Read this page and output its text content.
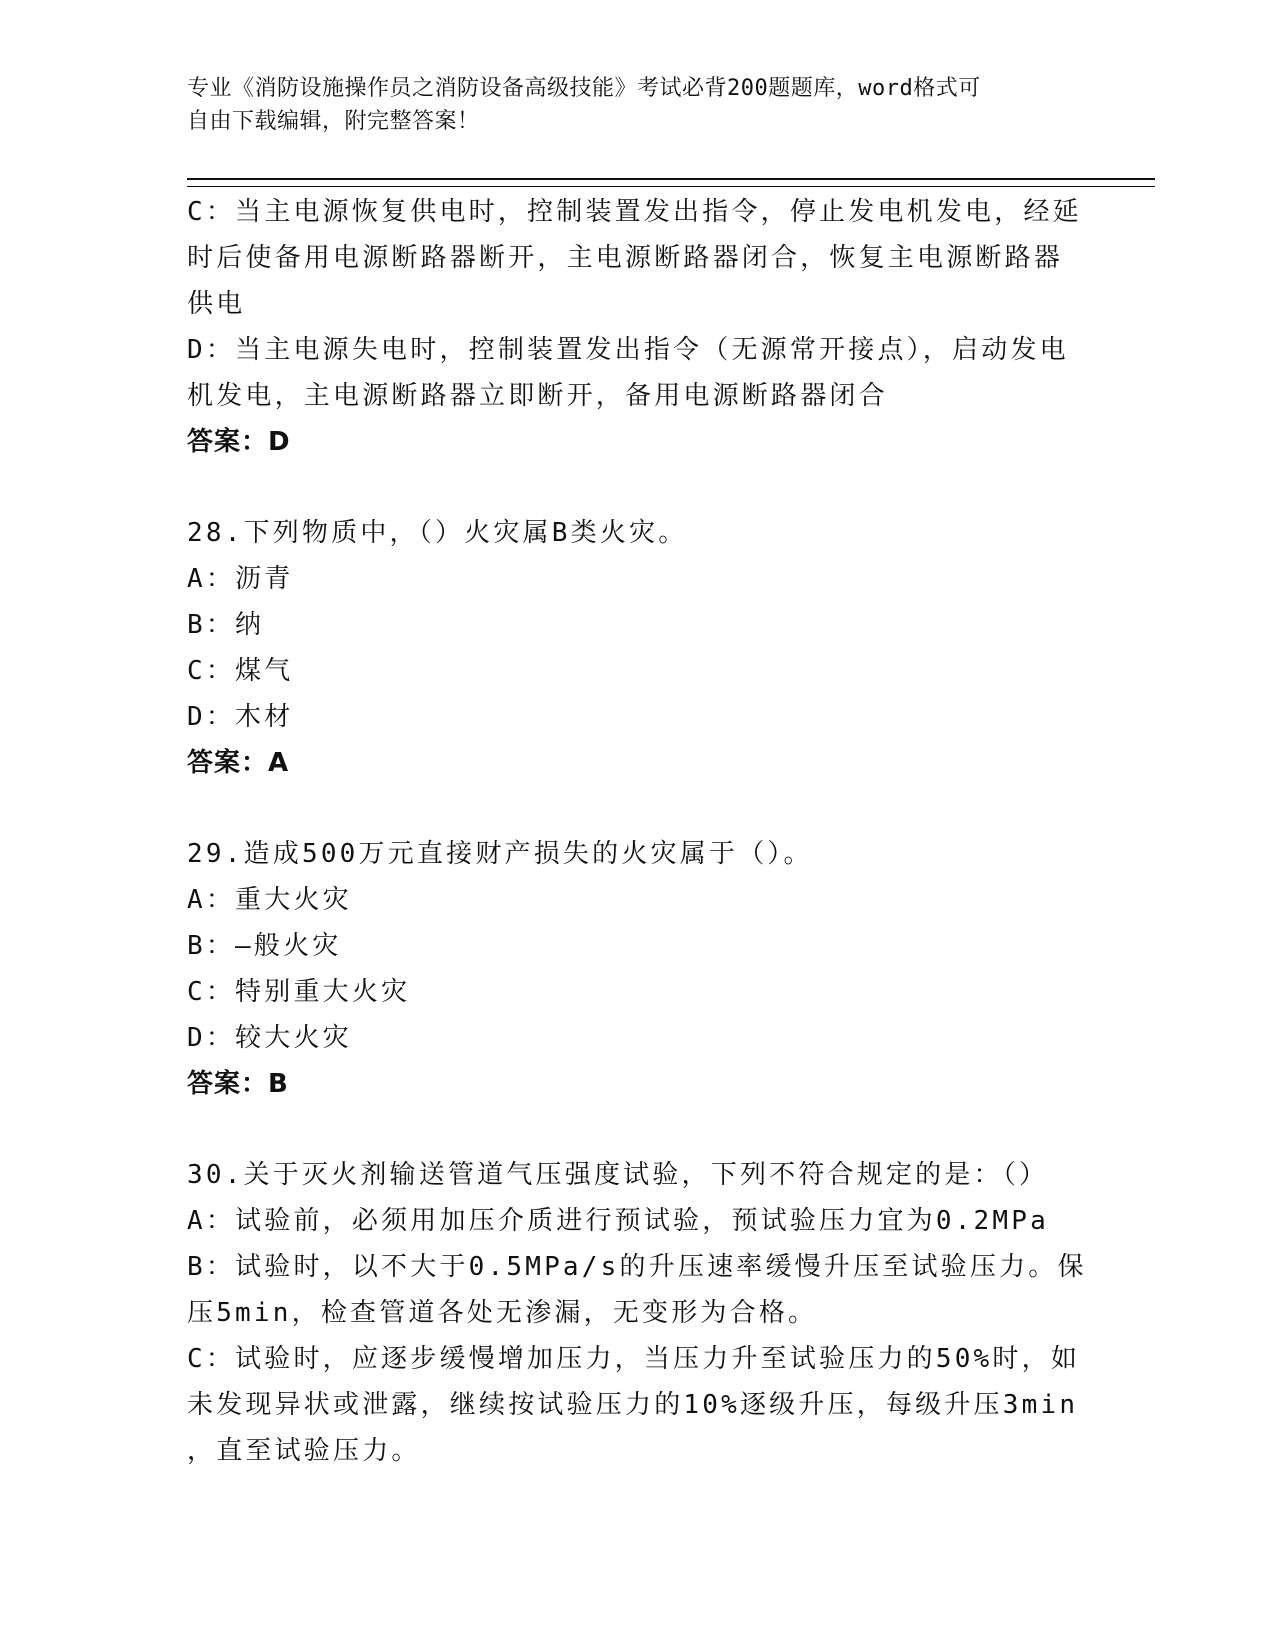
专业《消防设施操作员之消防设备高级技能》考试必背200题题库，word格式可
自由下载编辑，附完整答案！
C：当主电源恢复供电时，控制装置发出指令，停止发电机发电，经延
时后使备用电源断路器断开，主电源断路器闭合，恢复主电源断路器
供电
D：当主电源失电时，控制装置发出指令（无源常开接点），启动发电
机发电，主电源断路器立即断开，备用电源断路器闭合
答案：D
28.下列物质中，（）火灾属B类火灾。
A：沥青
B：纳
C：煤气
D：木材
答案：A
29.造成500万元直接财产损失的火灾属于（）。
A：重大火灾
B：—般火灾
C：特别重大火灾
D：较大火灾
答案：B
30.关于灭火剂输送管道气压强度试验，下列不符合规定的是：（）
A：试验前，必须用加压介质进行预试验，预试验压力宜为0.2MPa
B：试验时，以不大于0.5MPa/s的升压速率缓慢升压至试验压力。保
压5min，检查管道各处无渗漏，无变形为合格。
C：试验时，应逐步缓慢增加压力，当压力升至试验压力的50%时，如
未发现异状或泄露，继续按试验压力的10%逐级升压，每级升压3min
，直至试验压力。
